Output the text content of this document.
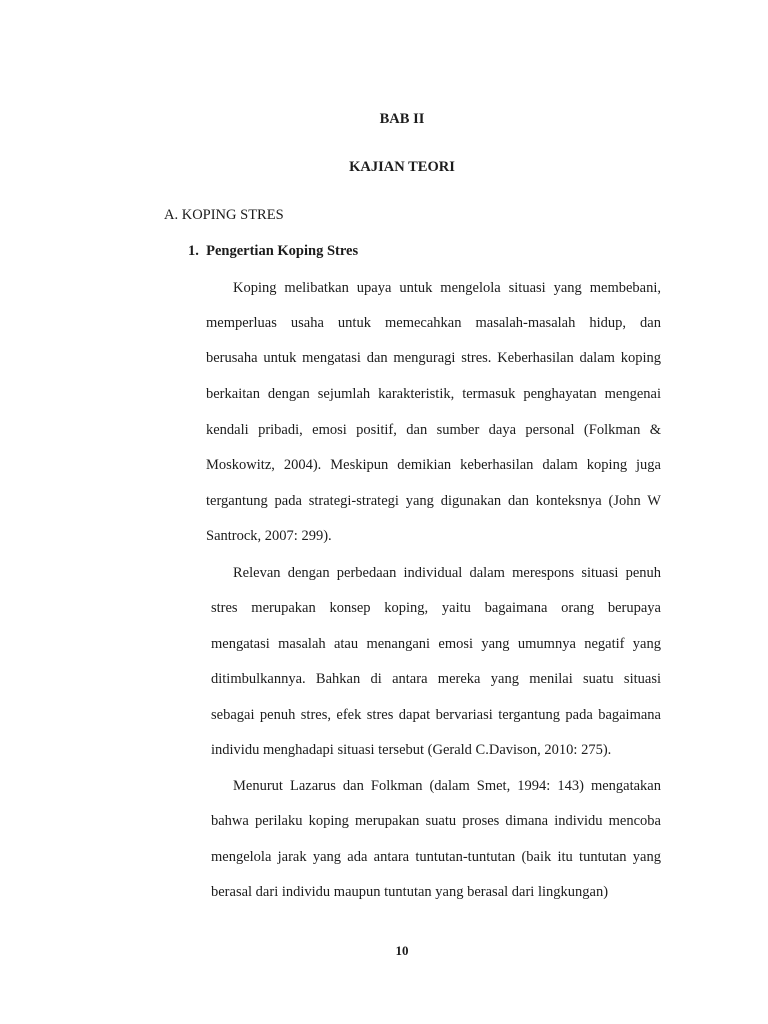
BAB II
KAJIAN TEORI
A. KOPING STRES
1.  Pengertian Koping Stres
Koping melibatkan upaya untuk mengelola situasi yang membebani,
memperluas usaha untuk memecahkan masalah-masalah hidup, dan
berusaha untuk mengatasi dan menguragi stres. Keberhasilan dalam koping
berkaitan dengan sejumlah karakteristik, termasuk penghayatan mengenai
kendali pribadi, emosi positif, dan sumber daya personal (Folkman &
Moskowitz, 2004). Meskipun demikian keberhasilan dalam koping juga
tergantung pada strategi-strategi yang digunakan dan konteksnya (John W
Santrock, 2007: 299).
Relevan dengan perbedaan individual dalam merespons situasi penuh
stres merupakan konsep koping, yaitu bagaimana orang berupaya
mengatasi masalah atau menangani emosi yang umumnya negatif yang
ditimbulkannya. Bahkan di antara mereka yang menilai suatu situasi
sebagai penuh stres, efek stres dapat bervariasi tergantung pada bagaimana
individu menghadapi situasi tersebut (Gerald C.Davison, 2010: 275).
Menurut Lazarus dan Folkman (dalam Smet, 1994: 143) mengatakan
bahwa perilaku koping merupakan suatu proses dimana individu mencoba
mengelola jarak yang ada antara tuntutan-tuntutan (baik itu tuntutan yang
berasal dari individu maupun tuntutan yang berasal dari lingkungan)
10
